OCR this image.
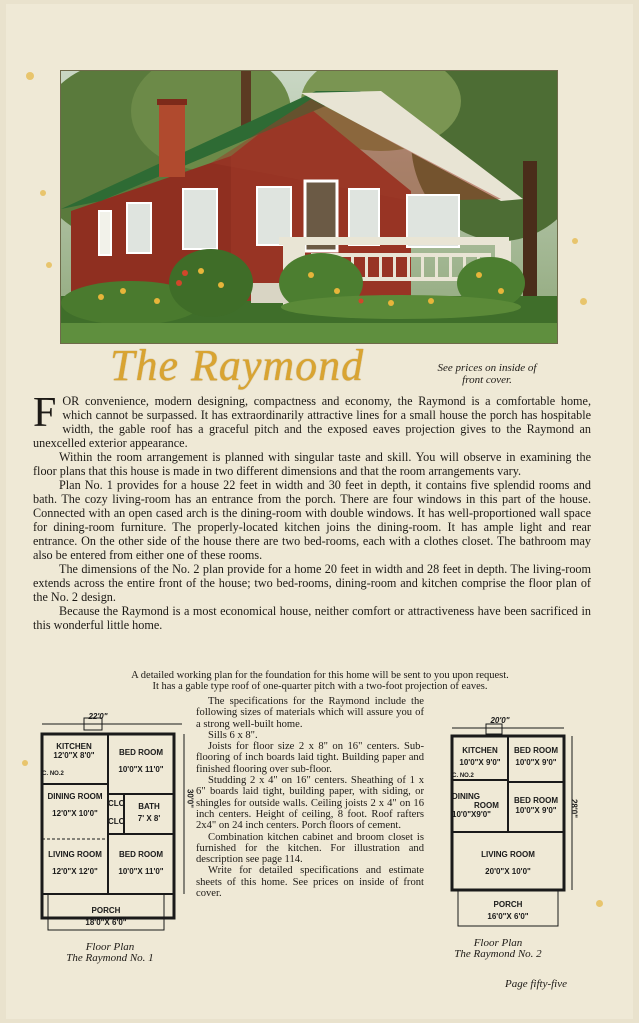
The Raymond	See prices on inside of
front cover.

FOR convenience, modern designing, compactness and economy, the Raymond is a comfortable home, which cannot be surpassed. It has extraordinarily attractive lines for a small house the porch has hospitable width, the gable roof has a graceful pitch and the exposed eaves projection gives to the Raymond an unexcelled exterior appearance.

Within the room arrangement is planned with singular taste and skill. You will observe in examining the floor plans that this house is made in two different dimensions and that the room arrangements vary.

Plan No. 1 provides for a house 22 feet in width and 30 feet in depth, it contains five splendid rooms and bath. The cozy living-room has an entrance from the porch. There are four windows in this part of the house. Connected with an open cased arch is the dining-room with double windows. It has well-proportioned wall space for dining-room furniture. The properly-located kitchen joins the dining-room. It has ample light and rear entrance. On the other side of the house there are two bed-rooms, each with a clothes closet. The bathroom may also be entered from either one of these rooms.

The dimensions of the No. 2 plan provide for a home 20 feet in width and 28 feet in depth. The living-room extends across the entire front of the house; two bed-rooms, dining-room and kitchen comprise the floor plan of the No. 2 design.

Because the Raymond is a most economical house, neither comfort or attractiveness have been sacrificed in this wonderful little home.

A detailed working plan for the foundation for this home will be sent to you upon request.
It has a gable type roof of one-quarter pitch with a two-foot projection of eaves.

The specifications for the Raymond include the following sizes of materials which will assure you of a strong well-built home.

Sills 6 x 8".

Joists for floor size 2 x 8" on 16" centers. Sub-flooring of inch boards laid tight. Building paper and finished flooring over sub-floor.

Studding 2 x 4" on 16" centers. Sheathing of 1 x 6" boards laid tight, building paper, with siding, or shingles for outside walls. Ceiling joists 2 x 4" on 16 inch centers. Height of ceiling, 8 foot. Roof rafters 2x4" on 24 inch centers. Porch floors of cement.

Combination kitchen cabinet and broom closet is furnished for the kitchen. For illustration and description see page 114.

Write for detailed specifications and estimate sheets of this home. See prices on inside of front cover.

22'0"
30'0"
KITCHEN
12'0"X 8'0"
C. NO.2
BED ROOM
10'0"X 11'0"
DINING ROOM
12'0"X 10'0"
CLO
CLO
BATH
7' X 8'
LIVING ROOM
12'0"X 12'0"
BED ROOM
10'0"X 11'0"
PORCH
18'0"X 6'0"
Floor Plan
The Raymond No. 1
20'0"
28'0"
KITCHEN
10'0"X 9'0"
C. NO.2
BED ROOM
10'0"X 9'0"
DINING
ROOM
10'0"X9'0"
BED ROOM
10'0"X 9'0"
LIVING ROOM
20'0"X 10'0"
PORCH
16'0"X 6'0"
Floor Plan
The Raymond No. 2
Page fifty-five
